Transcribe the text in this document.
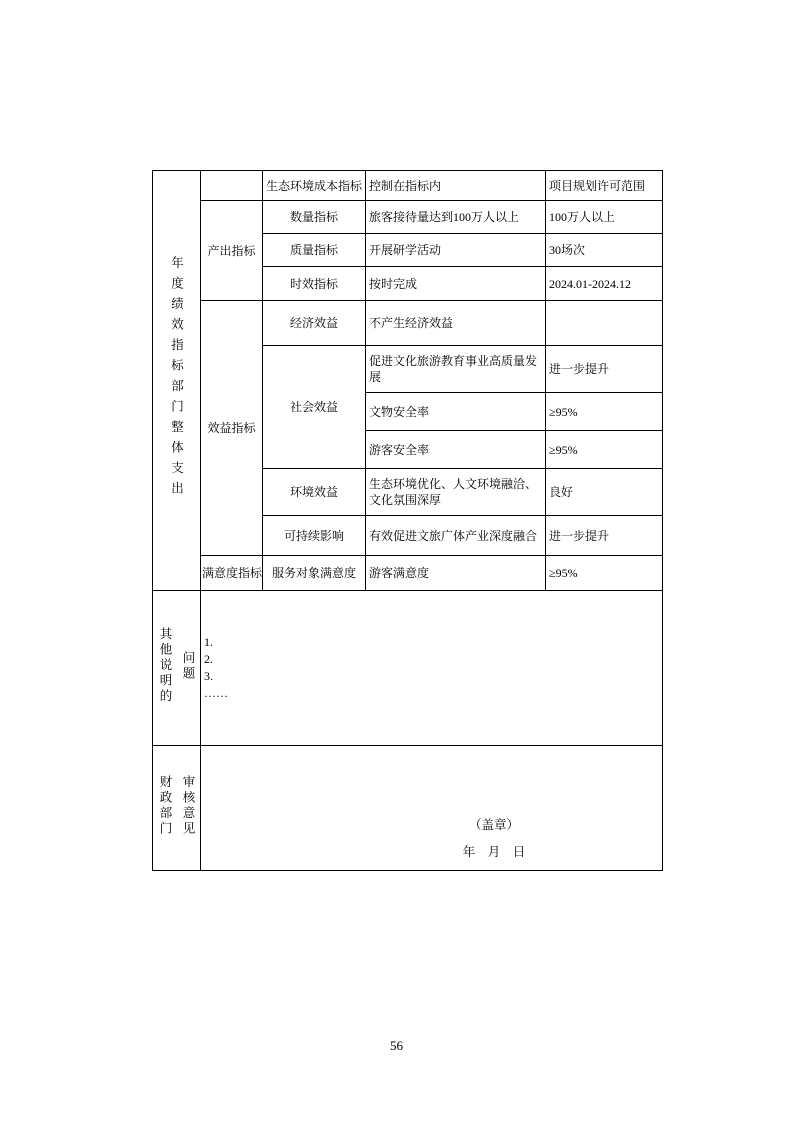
年度绩效指标部门整体支出		生态环境成本指标	控制在指标内	项目规划许可范围
	产出指标	数量指标	旅客接待量达到100万人以上	100万人以上
		质量指标	开展研学活动	30场次
		时效指标	按时完成	2024.01-2024.12
	效益指标	经济效益	不产生经济效益	
		社会效益	促进文化旅游教育事业高质量发展	进一步提升
			文物安全率	≥95%
			游客安全率	≥95%
		环境效益	生态环境优化、人文环境融洽、文化氛围深厚	良好
		可持续影响	有效促进文旅广体产业深度融合	进一步提升
	满意度指标	服务对象满意度	游客满意度	≥95%

其他说明的 问题

1.
2.
3.
……

财政部门 审核意见	（盖章）
年　月　日
56
